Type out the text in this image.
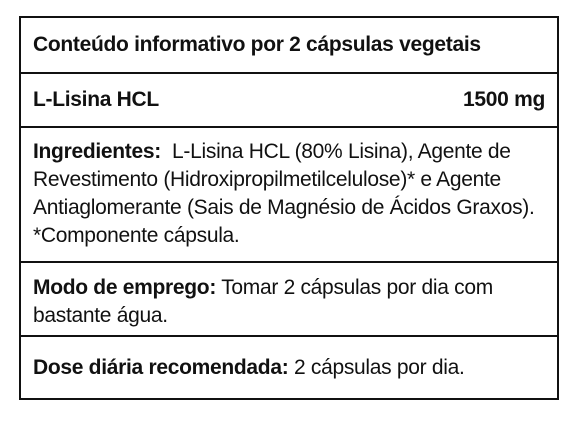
Conteúdo informativo por 2 cápsulas vegetais
L-Lisina HCL	1500 mg
Ingredientes: L-Lisina HCL (80% Lisina), Agente de Revestimento (Hidroxipropilmetilcelulose)* e Agente Antiaglomerante (Sais de Magnésio de Ácidos Graxos). *Componente cápsula.
Modo de emprego: Tomar 2 cápsulas por dia com bastante água.
Dose diária recomendada: 2 cápsulas por dia.
